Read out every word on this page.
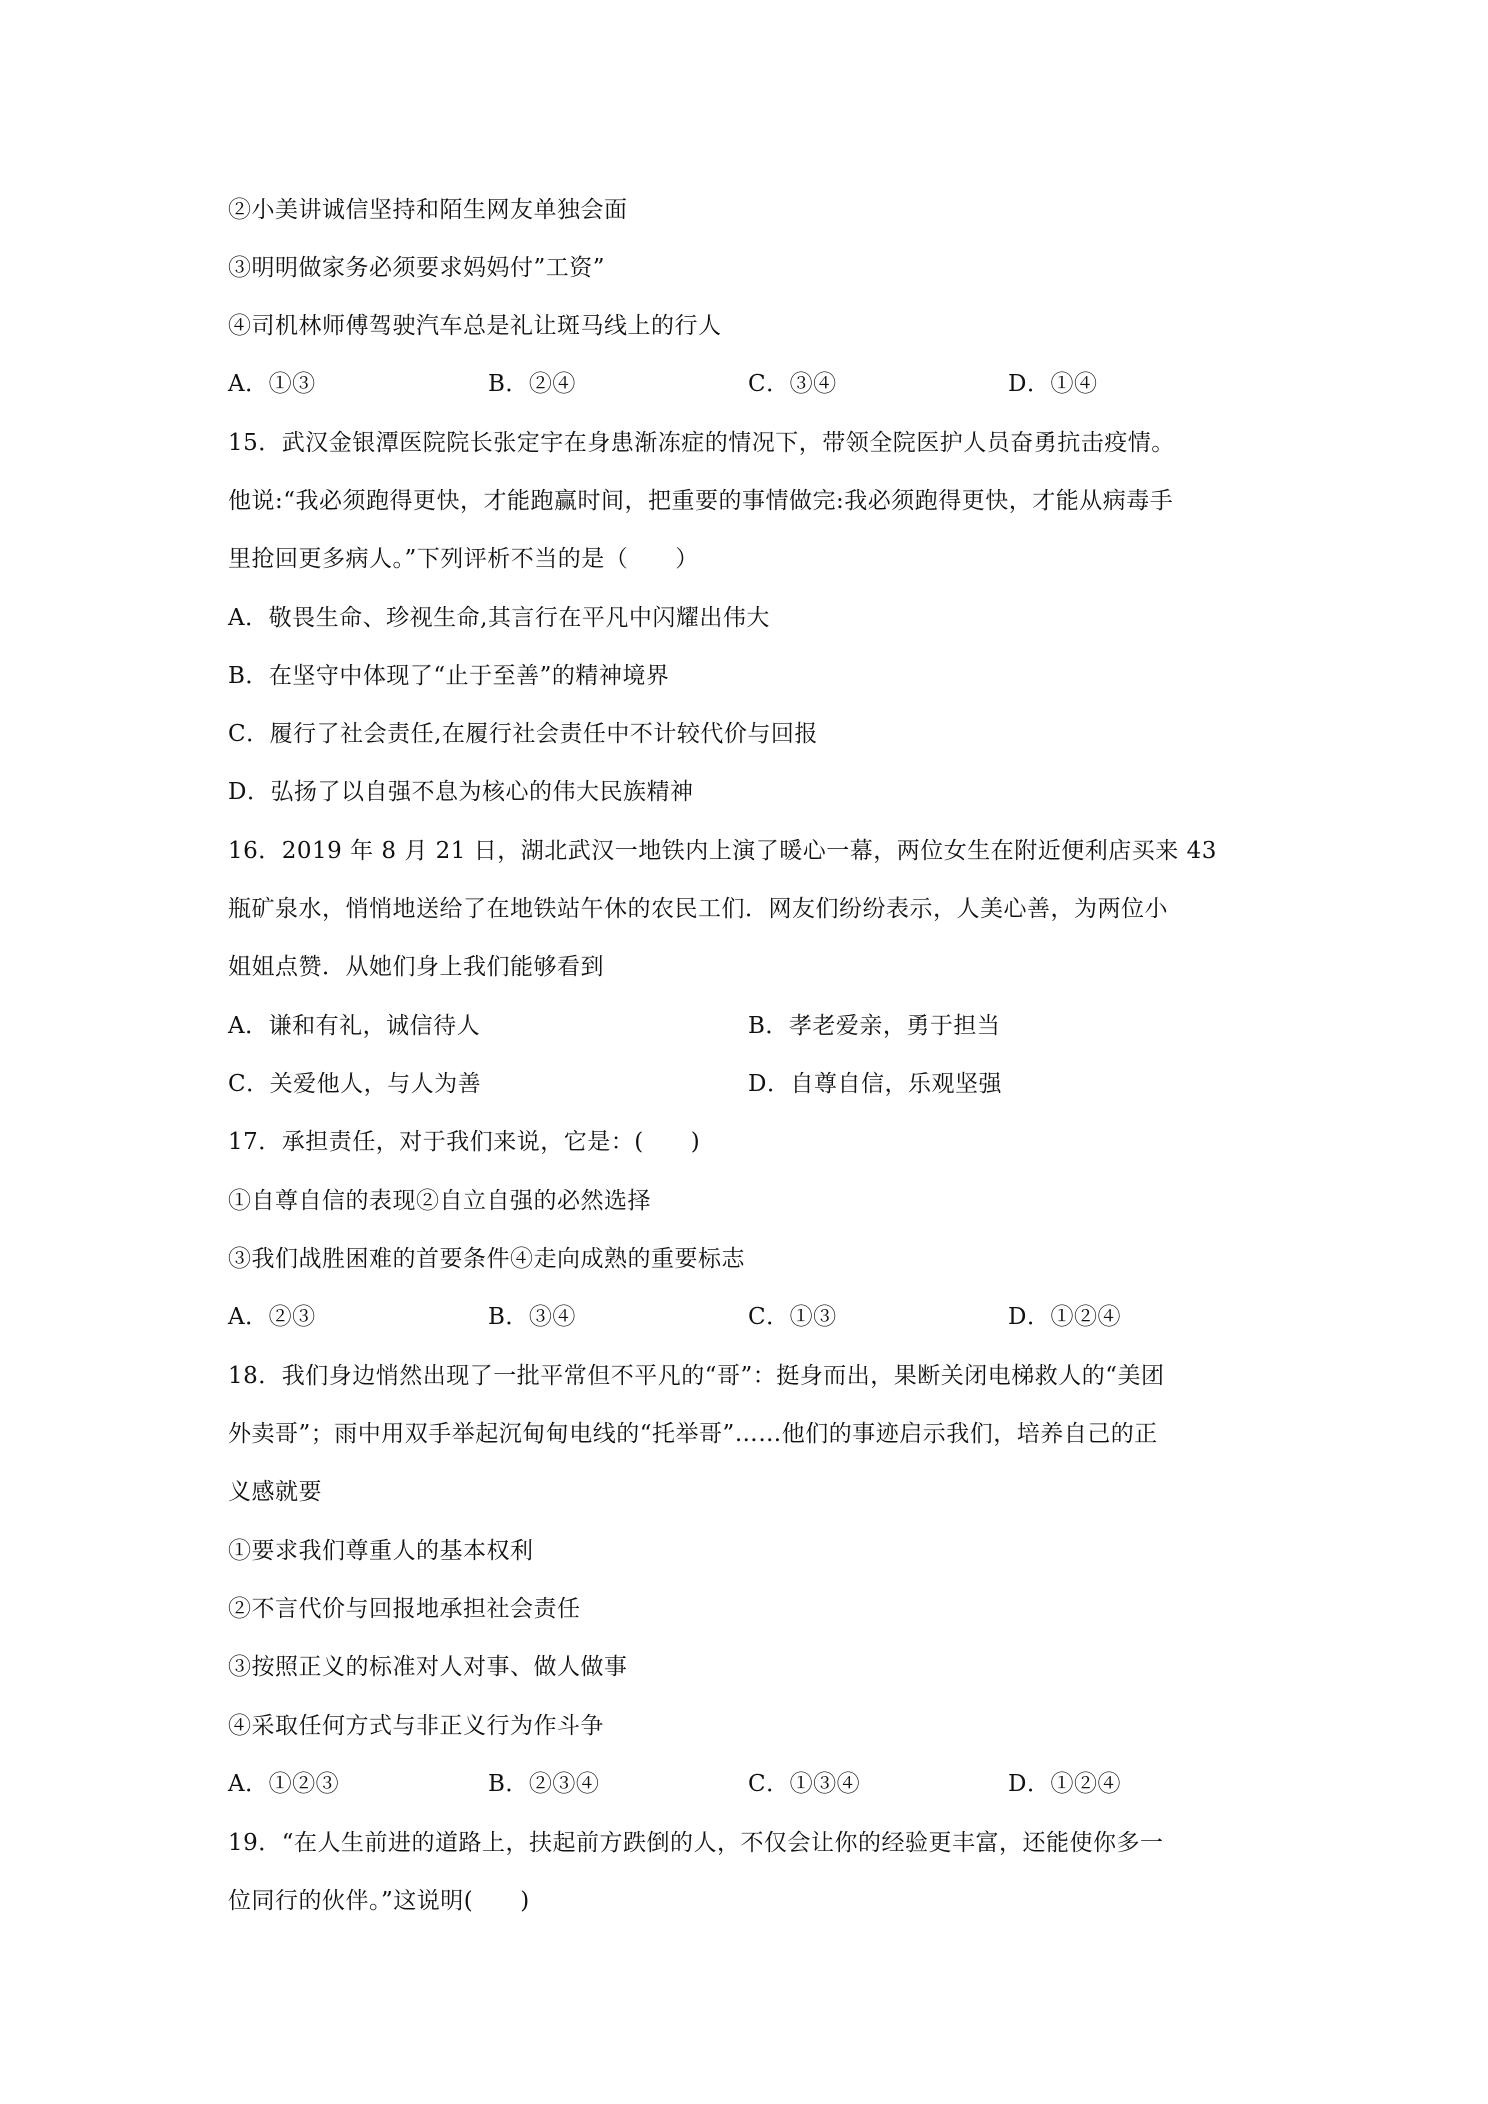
②小美讲诚信坚持和陌生网友单独会面
③明明做家务必须要求妈妈付”工资”
④司机林师傅驾驶汽车总是礼让斑马线上的行人
A．①③	B．②④	C．③④	D．①④
15．武汉金银潭医院院长张定宇在身患渐冻症的情况下，带领全院医护人员奋勇抗击疫情。
他说:“我必须跑得更快，才能跑赢时间，把重要的事情做完:我必须跑得更快，才能从病毒手
里抢回更多病人。”下列评析不当的是（　　）
A．敬畏生命、珍视生命,其言行在平凡中闪耀出伟大
B．在坚守中体现了“止于至善”的精神境界
C．履行了社会责任,在履行社会责任中不计较代价与回报
D．弘扬了以自强不息为核心的伟大民族精神
16．2019 年 8 月 21 日，湖北武汉一地铁内上演了暖心一幕，两位女生在附近便利店买来 43
瓶矿泉水，悄悄地送给了在地铁站午休的农民工们．网友们纷纷表示，人美心善，为两位小
姐姐点赞．从她们身上我们能够看到
A．谦和有礼，诚信待人	B．孝老爱亲，勇于担当
C．关爱他人，与人为善	D．自尊自信，乐观坚强
17．承担责任，对于我们来说，它是：(　　)
①自尊自信的表现②自立自强的必然选择
③我们战胜困难的首要条件④走向成熟的重要标志
A．②③	B．③④	C．①③	D．①②④
18．我们身边悄然出现了一批平常但不平凡的“哥”：挺身而出，果断关闭电梯救人的“美团
外卖哥”；雨中用双手举起沉甸甸电线的“托举哥”……他们的事迹启示我们，培养自己的正
义感就要
①要求我们尊重人的基本权利
②不言代价与回报地承担社会责任
③按照正义的标准对人对事、做人做事
④采取任何方式与非正义行为作斗争
A．①②③	B．②③④	C．①③④	D．①②④
19．“在人生前进的道路上，扶起前方跌倒的人，不仅会让你的经验更丰富，还能使你多一
位同行的伙伴。”这说明(　　)
